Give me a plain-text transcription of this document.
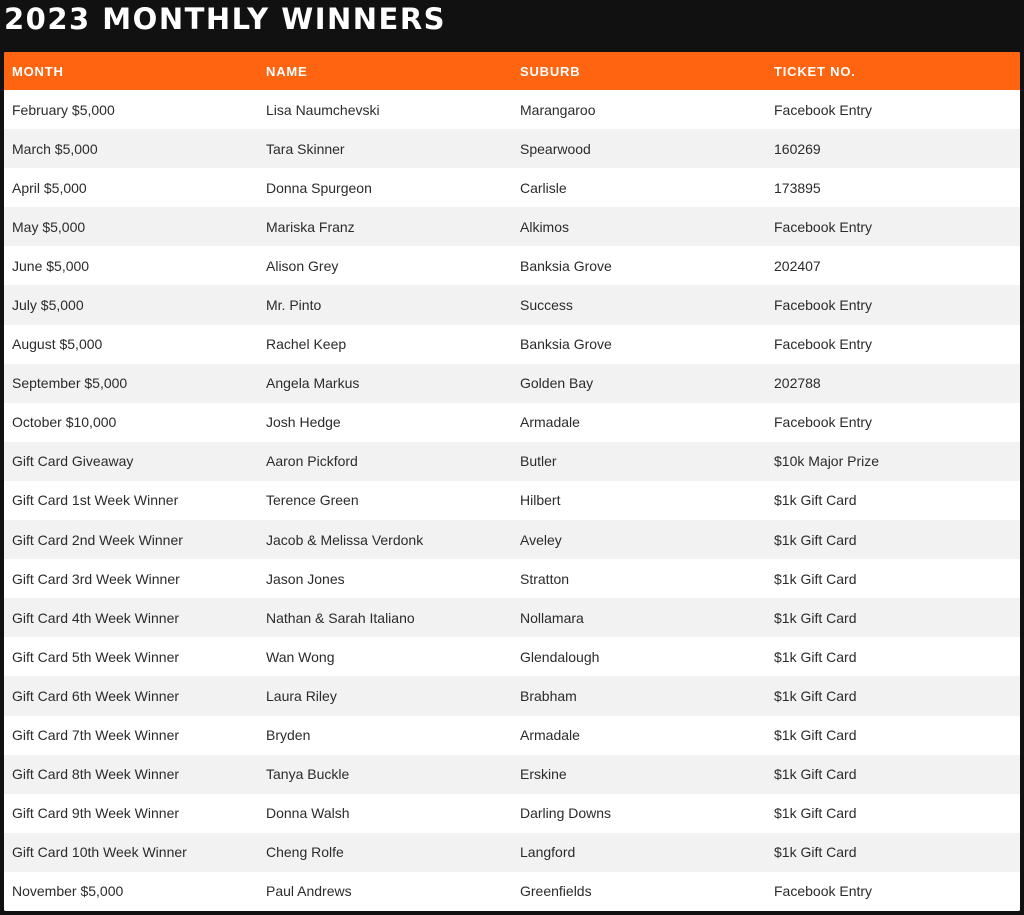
2023 MONTHLY WINNERS
MONTH	NAME	SUBURB	TICKET NO.
February $5,000	Lisa Naumchevski	Marangaroo	Facebook Entry
March $5,000	Tara Skinner	Spearwood	160269
April $5,000	Donna Spurgeon	Carlisle	173895
May $5,000	Mariska Franz	Alkimos	Facebook Entry
June $5,000	Alison Grey	Banksia Grove	202407
July $5,000	Mr. Pinto	Success	Facebook Entry
August $5,000	Rachel Keep	Banksia Grove	Facebook Entry
September $5,000	Angela Markus	Golden Bay	202788
October $10,000	Josh Hedge	Armadale	Facebook Entry
Gift Card Giveaway	Aaron Pickford	Butler	$10k Major Prize
Gift Card 1st Week Winner	Terence Green	Hilbert	$1k Gift Card
Gift Card 2nd Week Winner	Jacob & Melissa Verdonk	Aveley	$1k Gift Card
Gift Card 3rd Week Winner	Jason Jones	Stratton	$1k Gift Card
Gift Card 4th Week Winner	Nathan & Sarah Italiano	Nollamara	$1k Gift Card
Gift Card 5th Week Winner	Wan Wong	Glendalough	$1k Gift Card
Gift Card 6th Week Winner	Laura Riley	Brabham	$1k Gift Card
Gift Card 7th Week Winner	Bryden	Armadale	$1k Gift Card
Gift Card 8th Week Winner	Tanya Buckle	Erskine	$1k Gift Card
Gift Card 9th Week Winner	Donna Walsh	Darling Downs	$1k Gift Card
Gift Card 10th Week Winner	Cheng Rolfe	Langford	$1k Gift Card
November $5,000	Paul Andrews	Greenfields	Facebook Entry
